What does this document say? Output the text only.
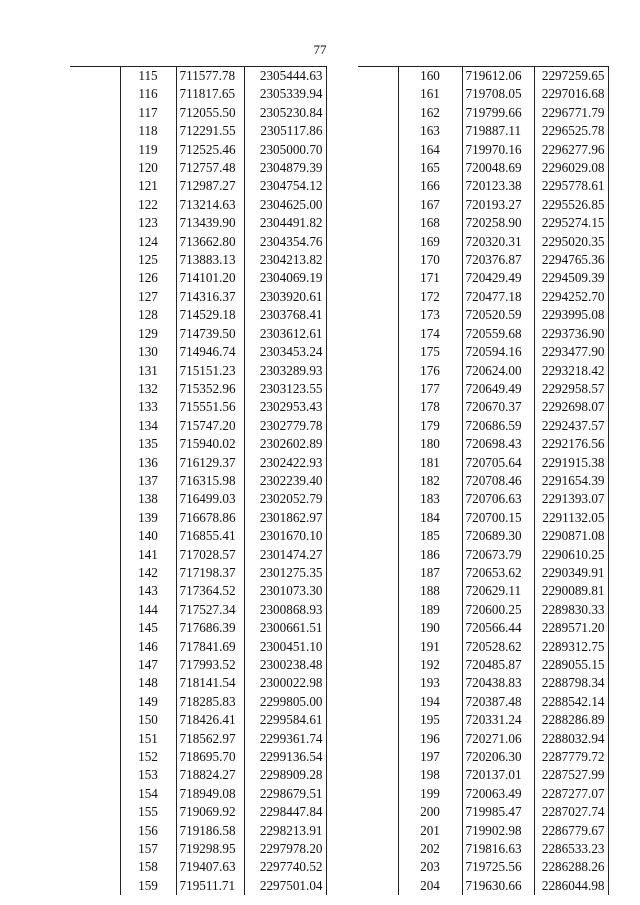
77
	115	711577.78	2305444.63
	116	711817.65	2305339.94
	117	712055.50	2305230.84
	118	712291.55	2305117.86
	119	712525.46	2305000.70
	120	712757.48	2304879.39
	121	712987.27	2304754.12
	122	713214.63	2304625.00
	123	713439.90	2304491.82
	124	713662.80	2304354.76
	125	713883.13	2304213.82
	126	714101.20	2304069.19
	127	714316.37	2303920.61
	128	714529.18	2303768.41
	129	714739.50	2303612.61
	130	714946.74	2303453.24
	131	715151.23	2303289.93
	132	715352.96	2303123.55
	133	715551.56	2302953.43
	134	715747.20	2302779.78
	135	715940.02	2302602.89
	136	716129.37	2302422.93
	137	716315.98	2302239.40
	138	716499.03	2302052.79
	139	716678.86	2301862.97
	140	716855.41	2301670.10
	141	717028.57	2301474.27
	142	717198.37	2301275.35
	143	717364.52	2301073.30
	144	717527.34	2300868.93
	145	717686.39	2300661.51
	146	717841.69	2300451.10
	147	717993.52	2300238.48
	148	718141.54	2300022.98
	149	718285.83	2299805.00
	150	718426.41	2299584.61
	151	718562.97	2299361.74
	152	718695.70	2299136.54
	153	718824.27	2298909.28
	154	718949.08	2298679.51
	155	719069.92	2298447.84
	156	719186.58	2298213.91
	157	719298.95	2297978.20
	158	719407.63	2297740.52
	159	719511.71	2297501.04
	160	719612.06	2297259.65
	161	719708.05	2297016.68
	162	719799.66	2296771.79
	163	719887.11	2296525.78
	164	719970.16	2296277.96
	165	720048.69	2296029.08
	166	720123.38	2295778.61
	167	720193.27	2295526.85
	168	720258.90	2295274.15
	169	720320.31	2295020.35
	170	720376.87	2294765.36
	171	720429.49	2294509.39
	172	720477.18	2294252.70
	173	720520.59	2293995.08
	174	720559.68	2293736.90
	175	720594.16	2293477.90
	176	720624.00	2293218.42
	177	720649.49	2292958.57
	178	720670.37	2292698.07
	179	720686.59	2292437.57
	180	720698.43	2292176.56
	181	720705.64	2291915.38
	182	720708.46	2291654.39
	183	720706.63	2291393.07
	184	720700.15	2291132.05
	185	720689.30	2290871.08
	186	720673.79	2290610.25
	187	720653.62	2290349.91
	188	720629.11	2290089.81
	189	720600.25	2289830.33
	190	720566.44	2289571.20
	191	720528.62	2289312.75
	192	720485.87	2289055.15
	193	720438.83	2288798.34
	194	720387.48	2288542.14
	195	720331.24	2288286.89
	196	720271.06	2288032.94
	197	720206.30	2287779.72
	198	720137.01	2287527.99
	199	720063.49	2287277.07
	200	719985.47	2287027.74
	201	719902.98	2286779.67
	202	719816.63	2286533.23
	203	719725.56	2286288.26
	204	719630.66	2286044.98
